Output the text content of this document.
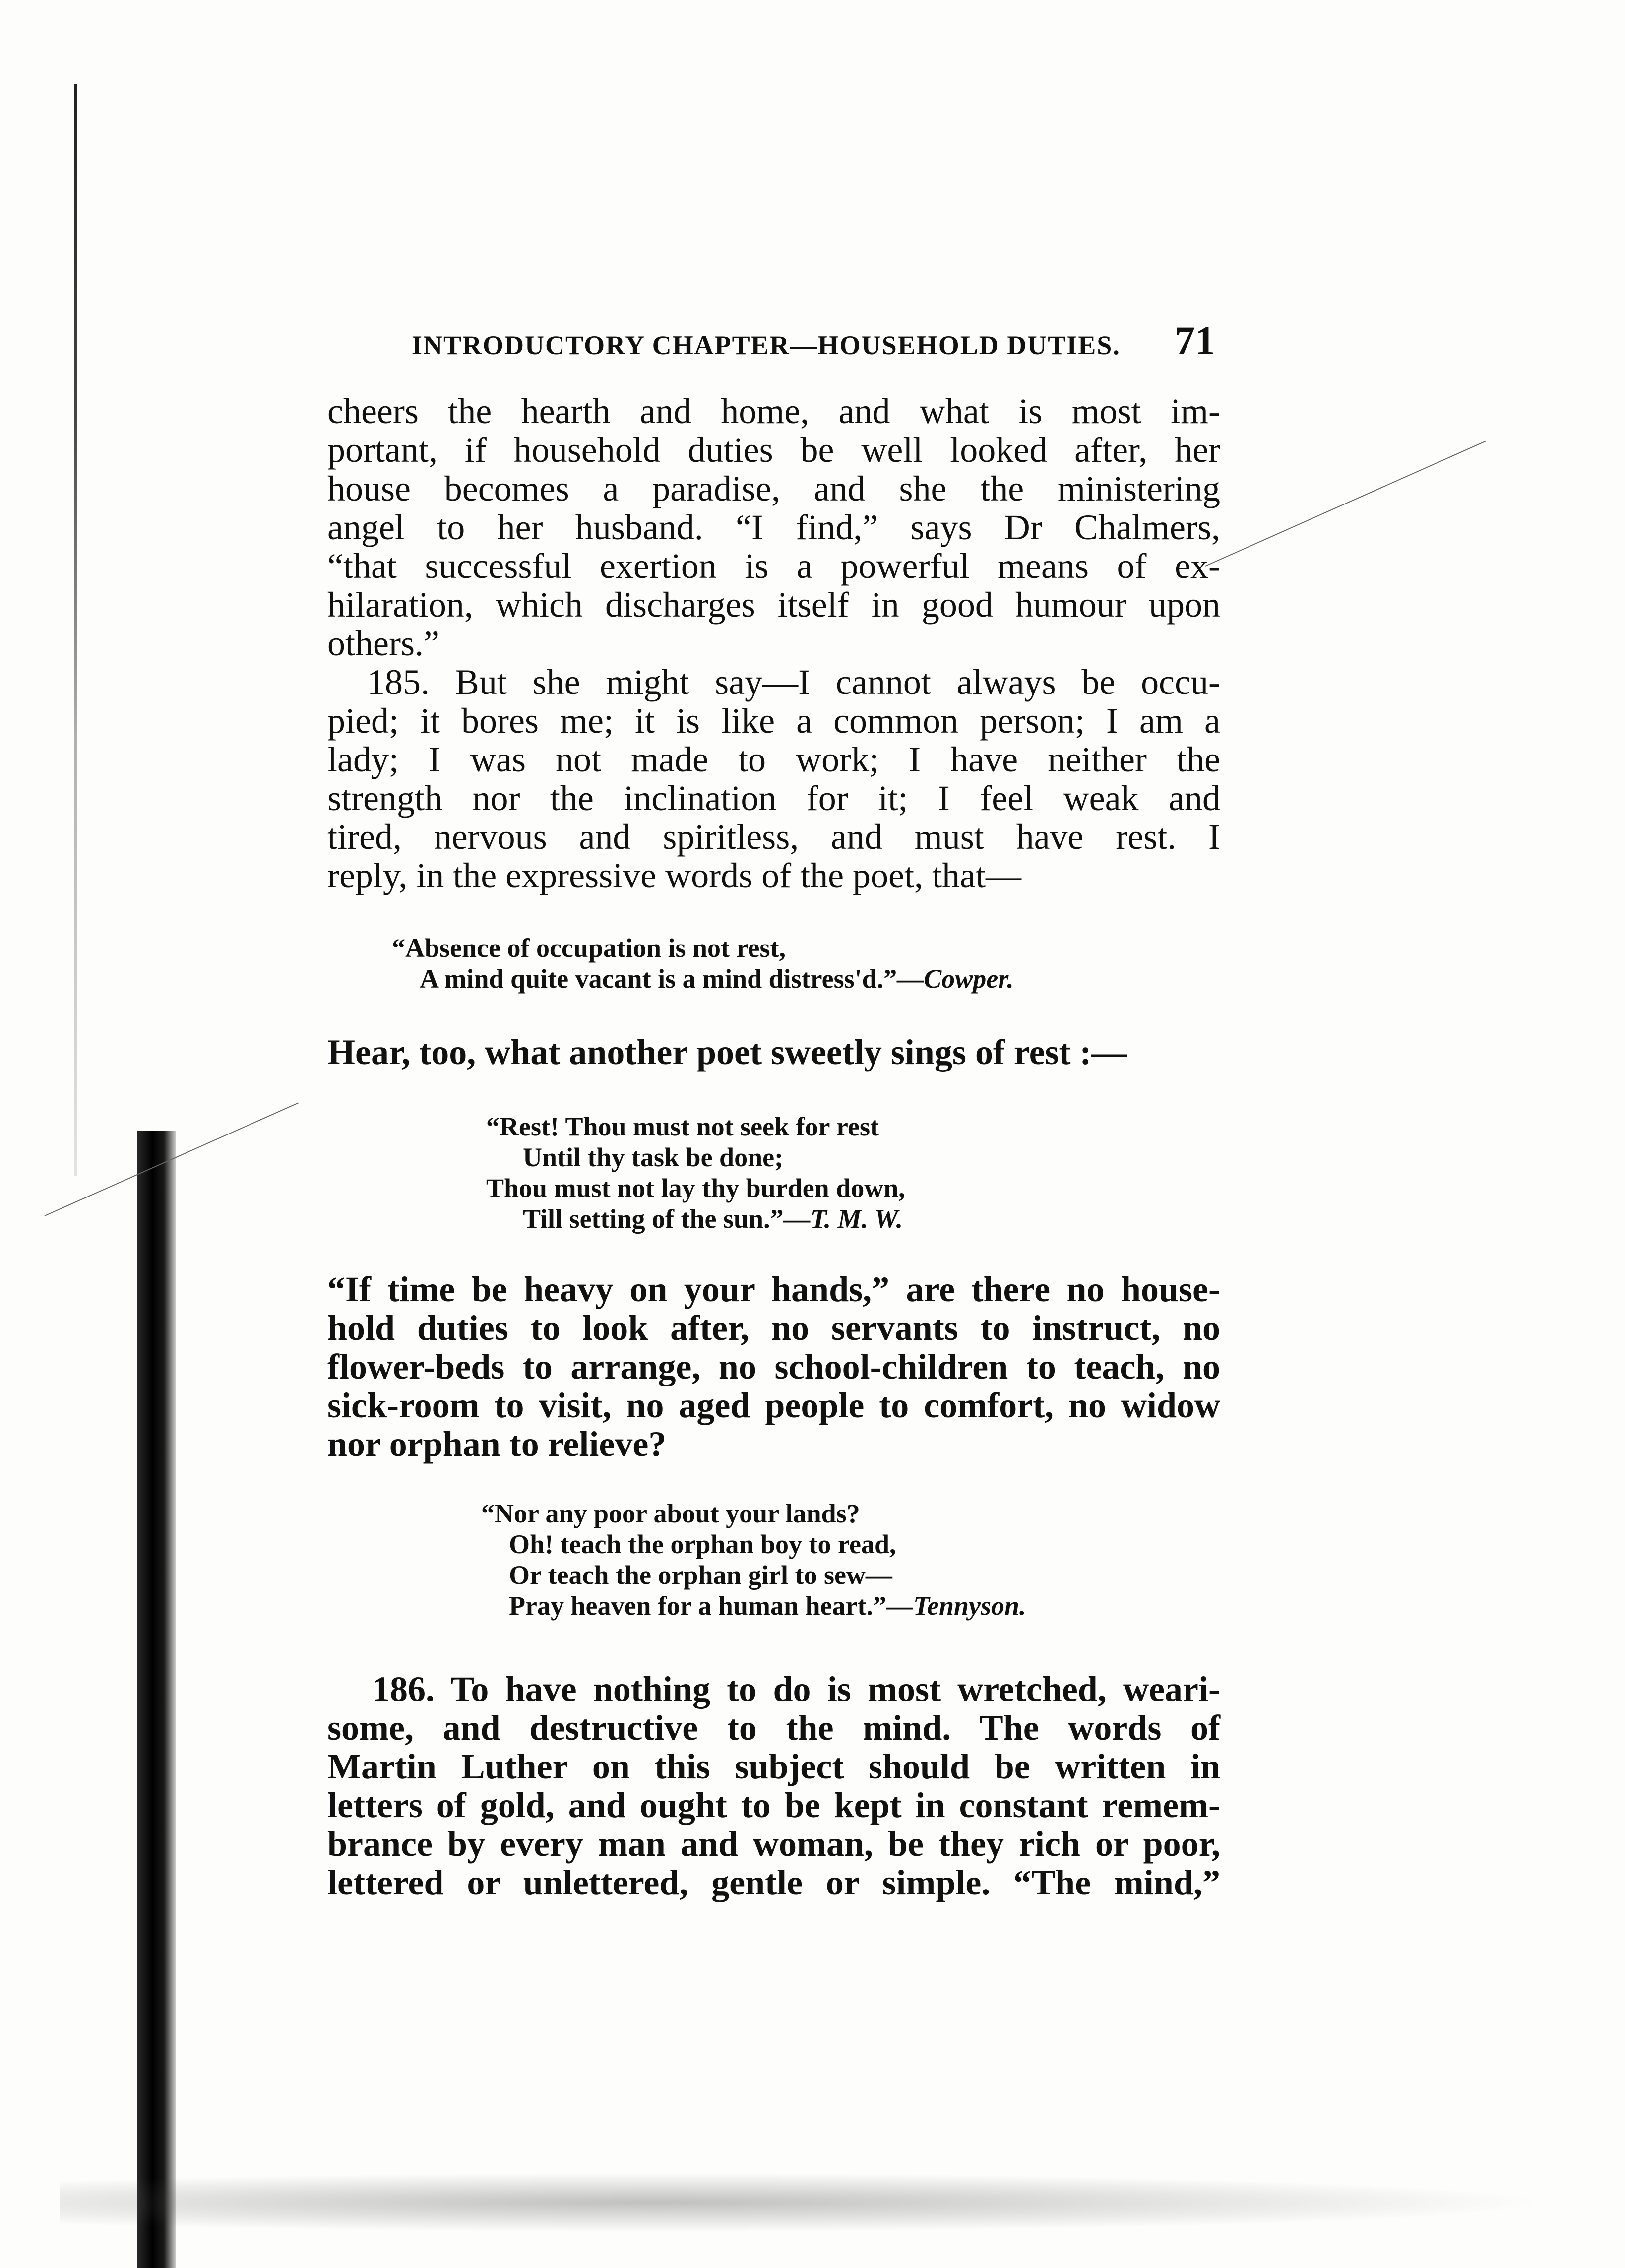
INTRODUCTORY CHAPTER—HOUSEHOLD DUTIES. 71
cheers the hearth and home, and what is most im-
portant, if household duties be well looked after, her
house becomes a paradise, and she the ministering
angel to her husband. “I find,” says Dr Chalmers,
“that successful exertion is a powerful means of ex-
hilaration, which discharges itself in good humour upon
others.”
185. But she might say—I cannot always be occu-
pied; it bores me; it is like a common person; I am a
lady; I was not made to work; I have neither the
strength nor the inclination for it; I feel weak and
tired, nervous and spiritless, and must have rest. I
reply, in the expressive words of the poet, that—
“Absence of occupation is not rest,
A mind quite vacant is a mind distress'd.”—Cowper.
Hear, too, what another poet sweetly sings of rest :—
“Rest! Thou must not seek for rest
Until thy task be done;
Thou must not lay thy burden down,
Till setting of the sun.”—T. M. W.
“If time be heavy on your hands,” are there no house-
hold duties to look after, no servants to instruct, no
flower-beds to arrange, no school-children to teach, no
sick-room to visit, no aged people to comfort, no widow
nor orphan to relieve?
“Nor any poor about your lands?
Oh! teach the orphan boy to read,
Or teach the orphan girl to sew—
Pray heaven for a human heart.”—Tennyson.
186. To have nothing to do is most wretched, weari-
some, and destructive to the mind. The words of
Martin Luther on this subject should be written in
letters of gold, and ought to be kept in constant remem-
brance by every man and woman, be they rich or poor,
lettered or unlettered, gentle or simple. “The mind,”
